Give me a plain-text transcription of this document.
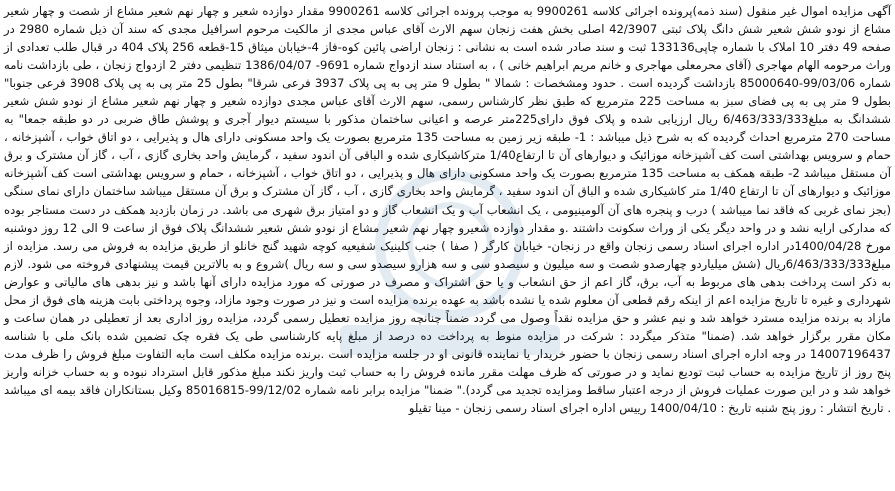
آگهی مزایده اموال غیر منقول (سند ذمه)پرونده اجرائی کلاسه 9900261 به موجب پرونده اجرائی کلاسه 9900261 مقدار دوازده شعیر و چهار نهم شعیر مشاع از شصت و چهار شعیر مشاع از نودو شش شعیر شش دانگ پلاک ثبتی 42/3907 اصلی بخش هفت زنجان سهم الارث آقای عباس مجدی از مالکیت مرحوم اسرافیل مجدی که سند آن ذیل شماره 2980 در صفحه 49 دفتر 10 املاک با شماره چاپی133136 ثبت و سند صادر شده است به نشانی : زنجان اراضی پائین کوه-فاز 4-خیابان میثاق 15-قطعه 256 پلاک 404 در قبال طلب تعدادی از وراث مرحومه الهام مهاجری (آقای محرمعلی مهاجری و خانم مریم ابراهیم خانی ) ، به استناد سند ازدواج شماره 9691- 1386/04/07 تنظیمی دفتر 2 ازدواج زنجان ، طی بازداشت نامه شماره 99/03/06-85000640 بازداشت گردیده است . حدود ومشخصات : شمالا " بطول 9 متر پی به پی پلاک 3937 فرعی شرقا" بطول 25 متر پی به پی پلاک 3908 فرعی جنوبا" بطول 9 متر پی به پی فضای سبز به مساحت 225 مترمربع که طبق نظر کارشناس رسمی، سهم الارث آقای عباس مجدی دوازده شعیر و چهار نهم شعیر مشاع از نودو شش شعیر ششدانگ به مبلغ6/463/333/333 ریال ارزیابی شده و پلاک فوق دارای225متر عرصه و اعیانی ساختمان مذکور با سیستم دیوار آجری و پوشش طاق ضربی در دو طبقه جمعا" به مساحت 270 مترمربع احداث گردیده که به شرح ذیل میباشد : 1- طبقه زیر زمین به مساحت 135 مترمربع بصورت یک واحد مسکونی دارای هال و پذیرایی ، دو اتاق خواب ، آشپزخانه ، حمام و سرویس بهداشتی است کف آشپزخانه موزائیک و دیوارهای آن تا ارتفاع1/40 مترکاشیکاری شده و الباقی آن اندود سفید ، گرمایش واحد بخاری گازی ، آب ، گاز آن مشترک و برق آن مستقل میباشد 2- طبقه همکف به مساحت 135 مترمربع بصورت یک واحد مسکونی دارای هال و پذیرایی ، دو اتاق خواب ، آشپزخانه ، حمام و سرویس بهداشتی است کف آشپزخانه موزائیک و دیوارهای آن تا ارتفاع 1/40 متر کاشیکاری شده و الباق آن اندود سفید ، گرمایش واحد بخاری گازی ، آب ، گاز آن مشترک و برق آن مستقل میباشد ساختمان دارای نمای سنگی (بجز نمای غربی که فاقد نما میباشد ) درب و پنجره های آن آلومینیومی ، یک انشعاب آب و یک انشعاب گاز و دو امتیاز برق شهری می باشد. در زمان بازدید همکف در دست مستاجر بوده که مدارکی ارایه نشد و در واحد دیگر یکی از وراث سکونت داشتند .و مقدار دوازده شعیرو چهار نهم شعیر مشاع از نودو شش شعیر ششدانگ پلاک فوق از ساعت 9 الی 12 روز دوشنبه مورخ 1400/04/28در اداره اجرای اسناد رسمی زنجان واقع در زنجان- خیابان کارگر ( صفا ) جنب کلینیک شفیعیه کوچه شهید گنج خانلو از طریق مزایده به فروش می رسد. مزایده از مبلغ6/463/333/333ریال (شش میلیاردو چهارصدو شصت و سه میلیون و سیصدو سی و سه هزارو سیصدو سی و سه ریال )شروع و به بالاترین قیمت پیشنهادی فروخته می شود. لازم به ذکر است پرداخت بدهی های مربوط به آب، برق، گاز اعم از حق انشعاب و یا حق اشتراک و مصرف در صورتی که مورد مزایده دارای آنها باشد و نیز بدهی های مالیاتی و عوارض شهرداری و غیره تا تاریخ مزایده اعم از اینکه رقم قطعی آن معلوم شده یا نشده باشد به عهده برنده مزایده است و نیز در صورت وجود مازاد، وجوه پرداختی بابت هزینه های فوق از محل مازاد به برنده مزایده مسترد خواهد شد و نیم عشر و حق مزایده نقداً وصول می گردد ضمناً چنانچه روز مزایده تعطیل رسمی گردد، مزایده روز اداری بعد از تعطیلی در همان ساعت و مکان مقرر برگزار خواهد شد. (ضمنا" متذکر میگردد : شرکت در مزایده منوط به پرداخت ده درصد از مبلغ پایه کارشناسی طی یک فقره چک تضمین شده بانک ملی با شناسه 14007196437 در وجه اداره اجرای اسناد رسمی زنجان با حضور خریدار یا نماینده قانونی او در جلسه مزایده است .برنده مزایده مکلف است مابه التفاوت مبلغ فروش را ظرف مدت پنج روز از تاریخ مزایده به حساب ثبت تودیع نماید و در صورتی که ظرف مهلت مقرر مانده فروش را به حساب ثبت واریز نکند مبلغ مذکور قابل استرداد نبوده و به حساب خزانه واریز خواهد شد و در این صورت عملیات فروش از درجه اعتبار ساقط ومزایده تجدید می گردد)." ضمنا" مزایده برابر نامه شماره 99/12/02-85016815 وکیل بستانکاران فاقد بیمه ای میباشد . تاریخ انتشار : روز پنج شنبه تاریخ : 1400/04/10 رییس اداره اجرای اسناد رسمی زنجان - مینا تقیلو
